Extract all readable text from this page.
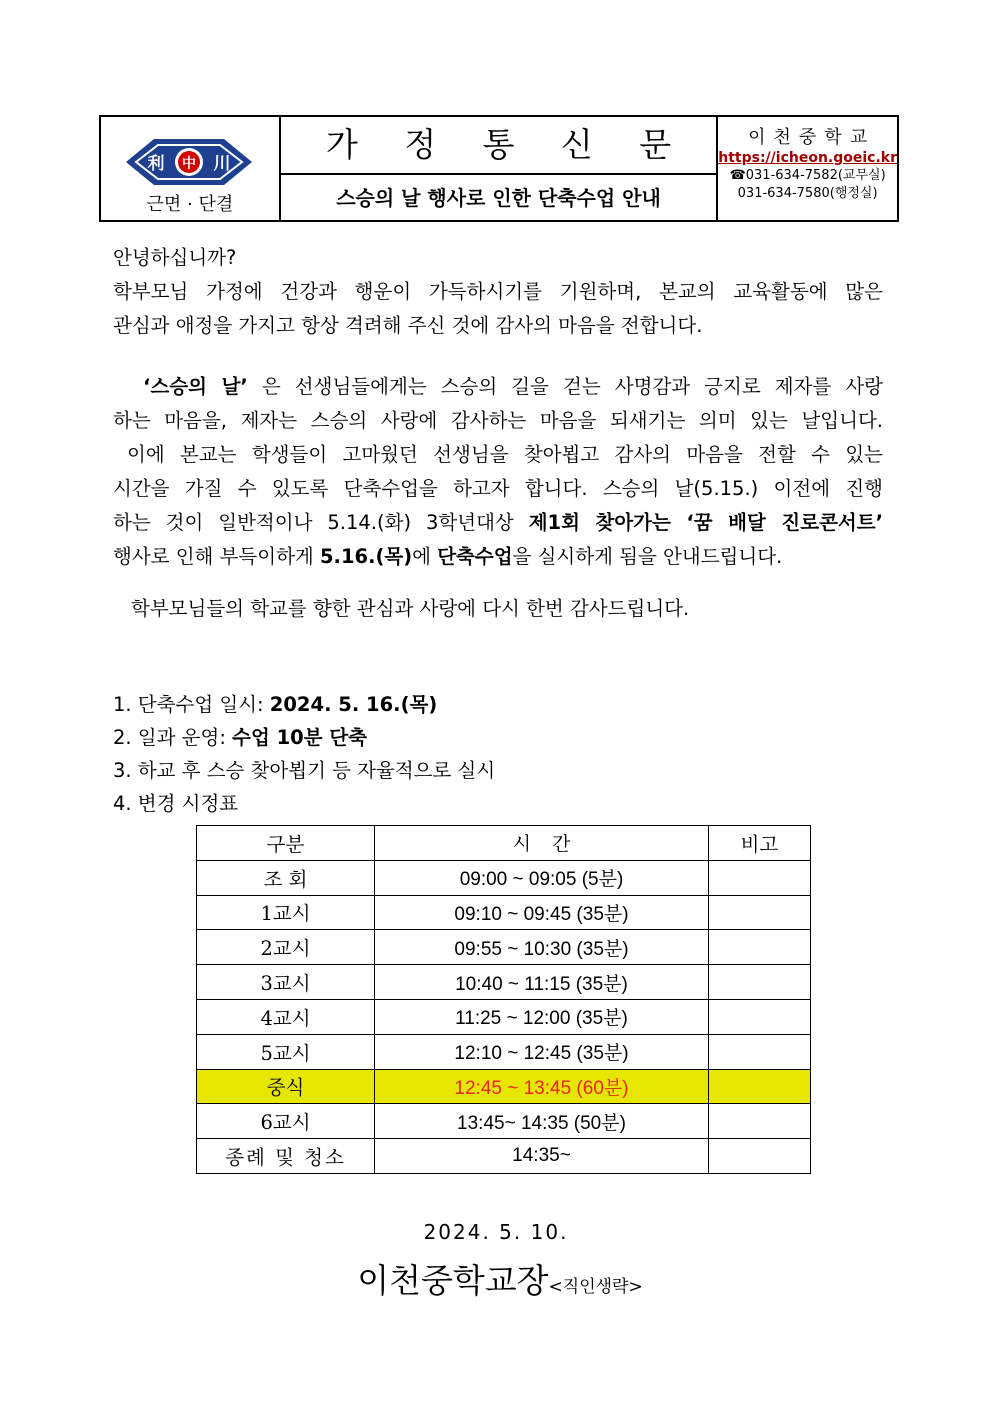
利 中 川
근면 · 단결
가 정 통 신 문
스승의 날 행사로 인한 단축수업 안내
이천중학교
https://icheon.goeic.kr
☎031-634-7582(교무실)
031-634-7580(행정실)
안녕하십니까?
학부모님 가정에 건강과 행운이 가득하시기를 기원하며, 본교의 교육활동에 많은
관심과 애정을 가지고 항상 격려해 주신 것에 감사의 마음을 전합니다.
‘스승의 날’ 은 선생님들에게는 스승의 길을 걷는 사명감과 긍지로 제자를 사랑
하는 마음을, 제자는 스승의 사랑에 감사하는 마음을 되새기는 의미 있는 날입니다.
이에 본교는 학생들이 고마웠던 선생님을 찾아뵙고 감사의 마음을 전할 수 있는
시간을 가질 수 있도록 단축수업을 하고자 합니다. 스승의 날(5.15.) 이전에 진행
하는 것이 일반적이나 5.14.(화) 3학년대상 제1회 찾아가는 ‘꿈 배달 진로콘서트’
행사로 인해 부득이하게 5.16.(목)에 단축수업을 실시하게 됨을 안내드립니다.
학부모님들의 학교를 향한 관심과 사랑에 다시 한번 감사드립니다.
1. 단축수업 일시: 2024. 5. 16.(목)
2. 일과 운영: 수업 10분 단축
3. 하교 후 스승 찾아뵙기 등 자율적으로 실시
4. 변경 시정표
구분	시    간	비고
조 회	09:00 ~ 09:05 (5분)	
1교시	09:10 ~ 09:45 (35분)	
2교시	09:55 ~ 10:30 (35분)	
3교시	10:40 ~ 11:15 (35분)	
4교시	11:25 ~ 12:00 (35분)	
5교시	12:10 ~ 12:45 (35분)	
중식	12:45 ~ 13:45 (60분)	
6교시	13:45~ 14:35 (50분)	
종례 및 청소	14:35~	
2024. 5. 10.
이천중학교장<직인생략>
